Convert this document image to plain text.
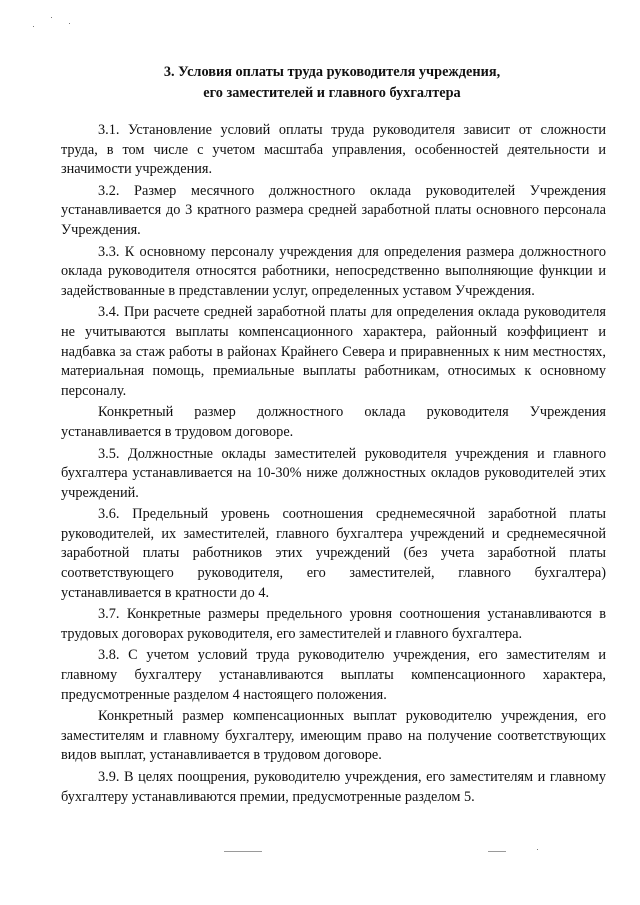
3. Условия оплаты труда руководителя учреждения,
его заместителей и главного бухгалтера

3.1. Установление условий оплаты труда руководителя зависит от сложности труда, в том числе с учетом масштаба управления, особенностей деятельности и значимости учреждения.

3.2. Размер месячного должностного оклада руководителей Учреждения устанавливается до 3 кратного размера средней заработной платы основного персонала Учреждения.

3.3. К основному персоналу учреждения для определения размера должностного оклада руководителя относятся работники, непосредственно выполняющие функции и задействованные в представлении услуг, определенных уставом Учреждения.

3.4. При расчете средней заработной платы для определения оклада руководителя не учитываются выплаты компенсационного характера, районный коэффициент и надбавка за стаж работы в районах Крайнего Севера и приравненных к ним местностях, материальная помощь, премиальные выплаты работникам, относимых к основному персоналу.

Конкретный размер должностного оклада руководителя Учреждения устанавливается в трудовом договоре.

3.5. Должностные оклады заместителей руководителя учреждения и главного бухгалтера устанавливается на 10-30% ниже должностных окладов руководителей этих учреждений.

3.6. Предельный уровень соотношения среднемесячной заработной платы руководителей, их заместителей, главного бухгалтера учреждений и среднемесячной заработной платы работников этих учреждений (без учета заработной платы соответствующего руководителя, его заместителей, главного бухгалтера) устанавливается в кратности до 4.

3.7. Конкретные размеры предельного уровня соотношения устанавливаются в трудовых договорах руководителя, его заместителей и главного бухгалтера.

3.8. С учетом условий труда руководителю учреждения, его заместителям и главному бухгалтеру устанавливаются выплаты компенсационного характера, предусмотренные разделом 4 настоящего положения.

Конкретный размер компенсационных выплат руководителю учреждения, его заместителям и главному бухгалтеру, имеющим право на получение соответствующих видов выплат, устанавливается в трудовом договоре.

3.9. В целях поощрения, руководителю учреждения, его заместителям и главному бухгалтеру устанавливаются премии, предусмотренные разделом 5.
